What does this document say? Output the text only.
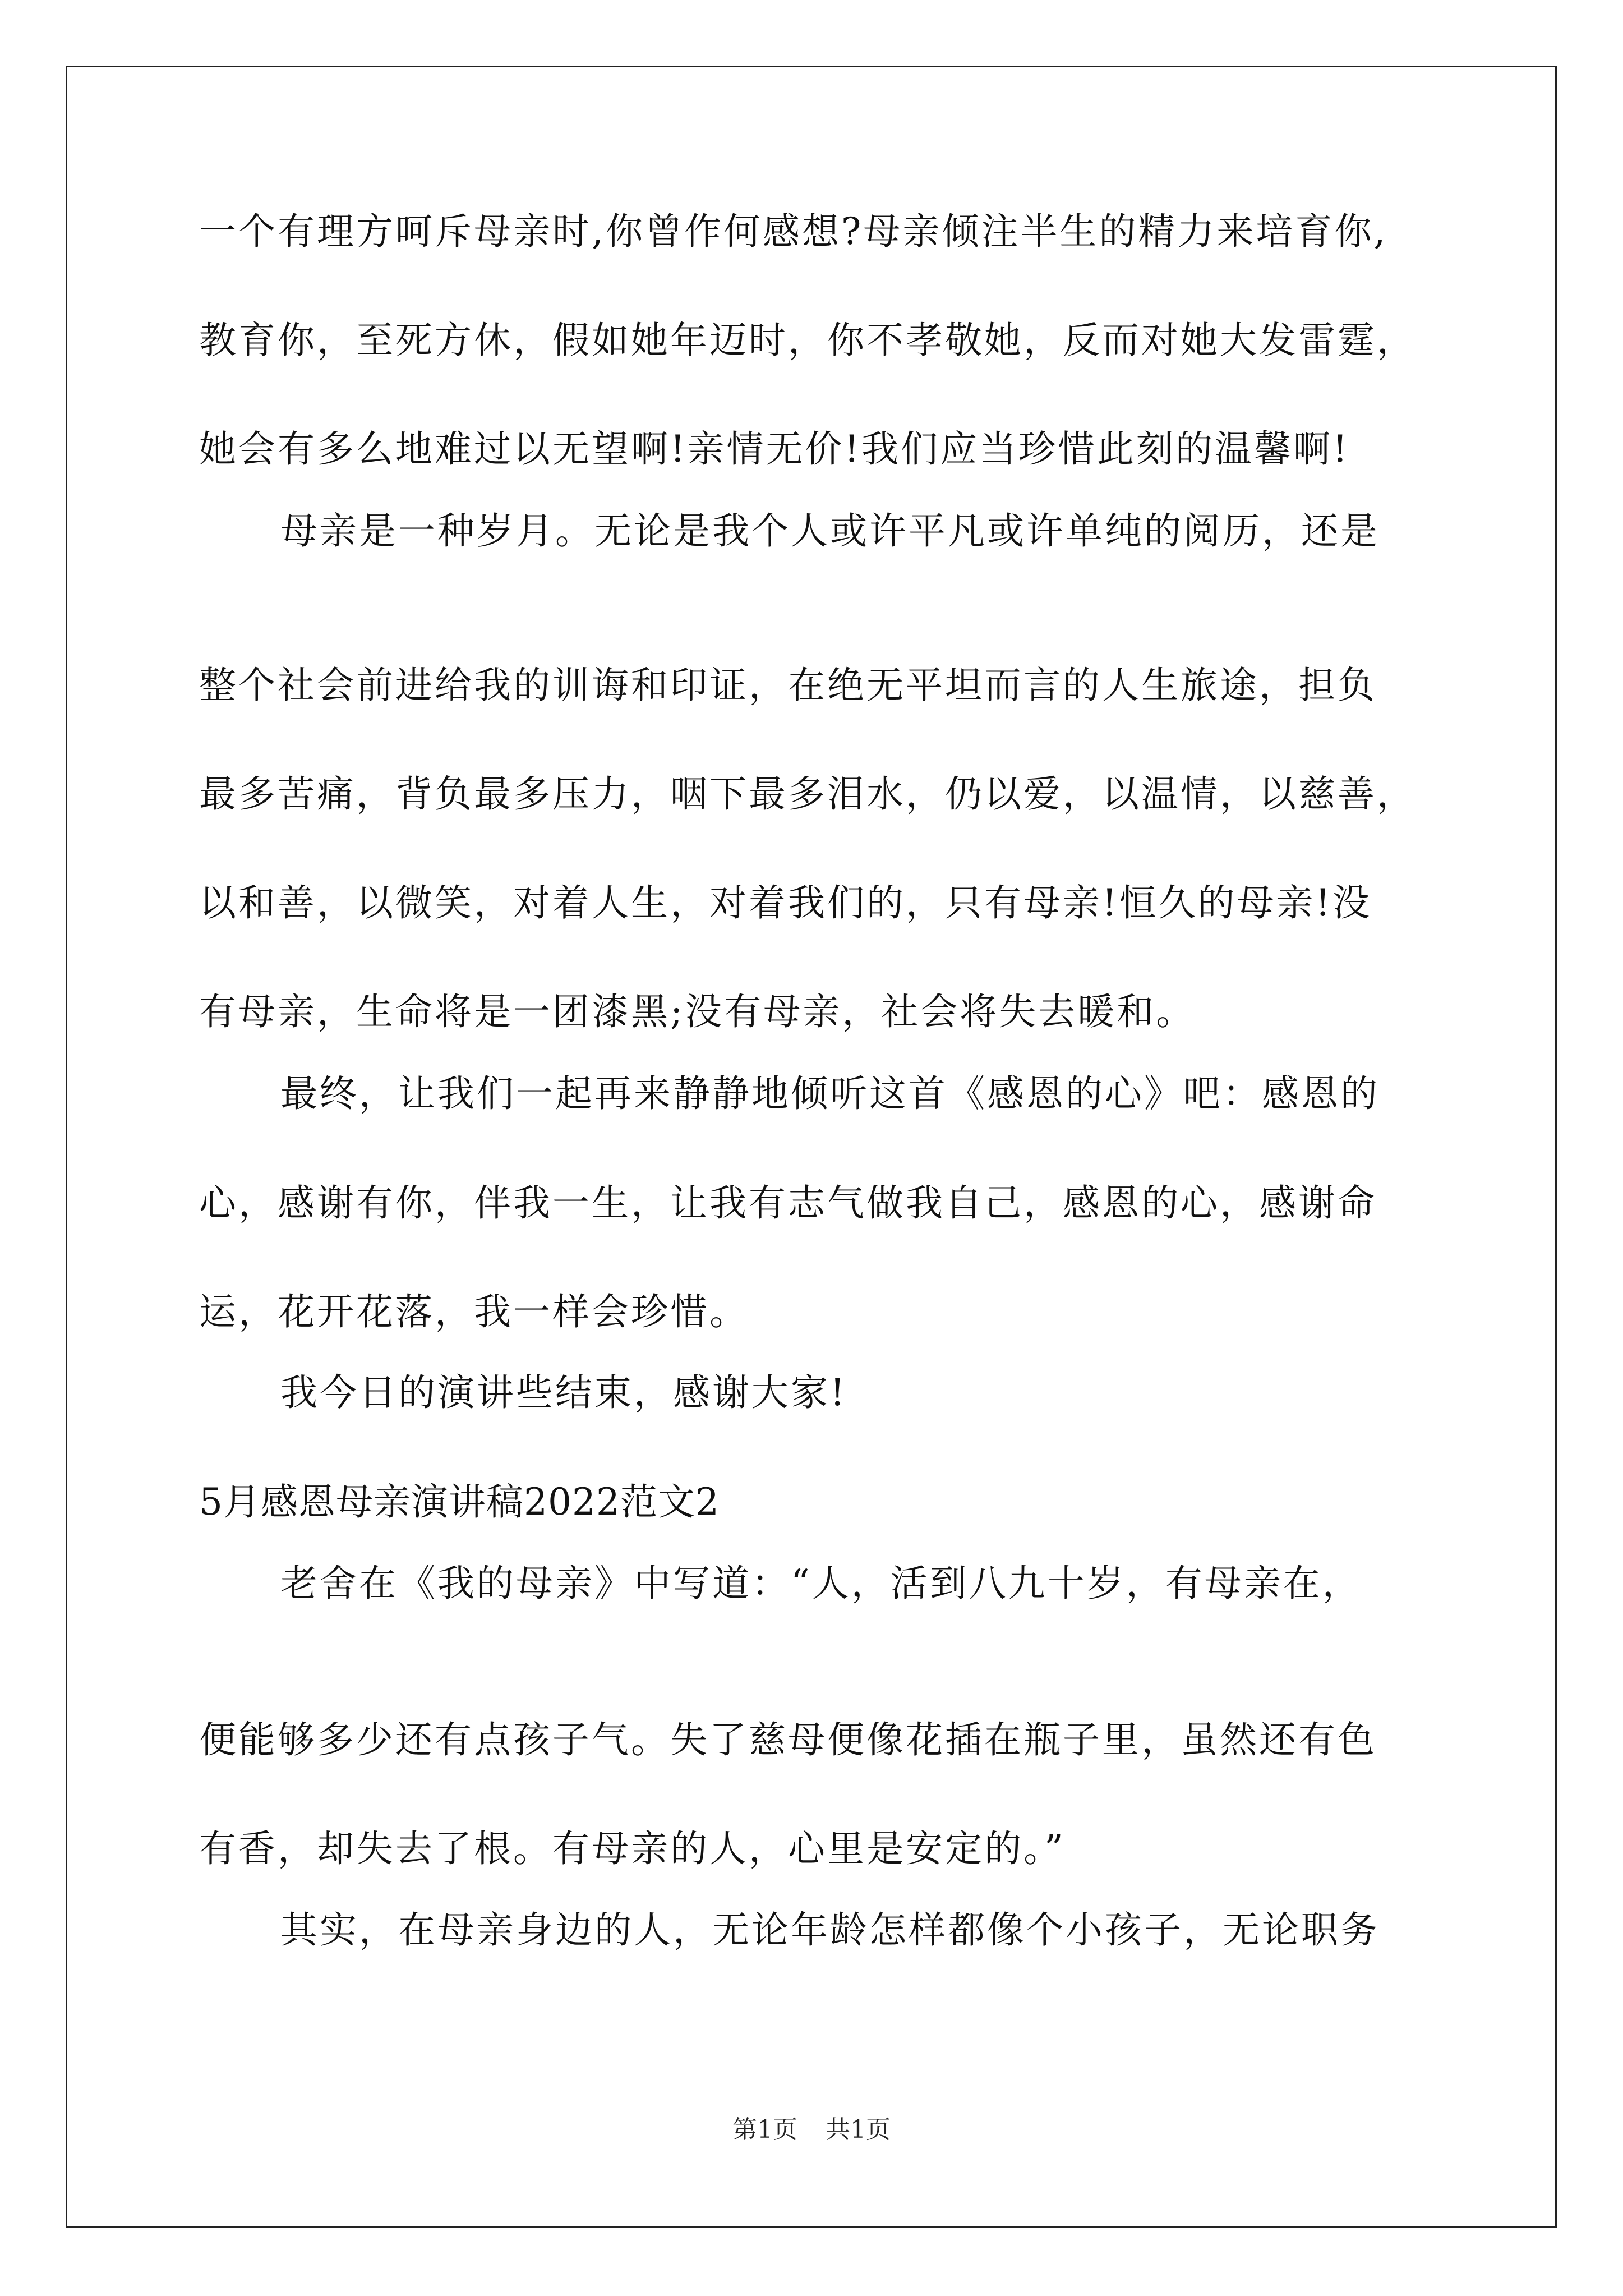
一个有理方呵斥母亲时,你曾作何感想?母亲倾注半生的精力来培育你,
教育你，至死方休，假如她年迈时，你不孝敬她，反而对她大发雷霆，
她会有多么地难过以无望啊!亲情无价!我们应当珍惜此刻的温馨啊!
母亲是一种岁月。无论是我个人或许平凡或许单纯的阅历，还是
整个社会前进给我的训诲和印证，在绝无平坦而言的人生旅途，担负
最多苦痛，背负最多压力，咽下最多泪水，仍以爱，以温情，以慈善，
以和善，以微笑，对着人生，对着我们的，只有母亲!恒久的母亲!没
有母亲，生命将是一团漆黑;没有母亲，社会将失去暖和。
最终，让我们一起再来静静地倾听这首《感恩的心》吧：感恩的
心，感谢有你，伴我一生，让我有志气做我自己，感恩的心，感谢命
运，花开花落，我一样会珍惜。
我今日的演讲些结束，感谢大家!
5月感恩母亲演讲稿2022范文2
老舍在《我的母亲》中写道：“人，活到八九十岁，有母亲在，
便能够多少还有点孩子气。失了慈母便像花插在瓶子里，虽然还有色
有香，却失去了根。有母亲的人，心里是安定的。”
其实，在母亲身边的人，无论年龄怎样都像个小孩子，无论职务
第1页 共1页
